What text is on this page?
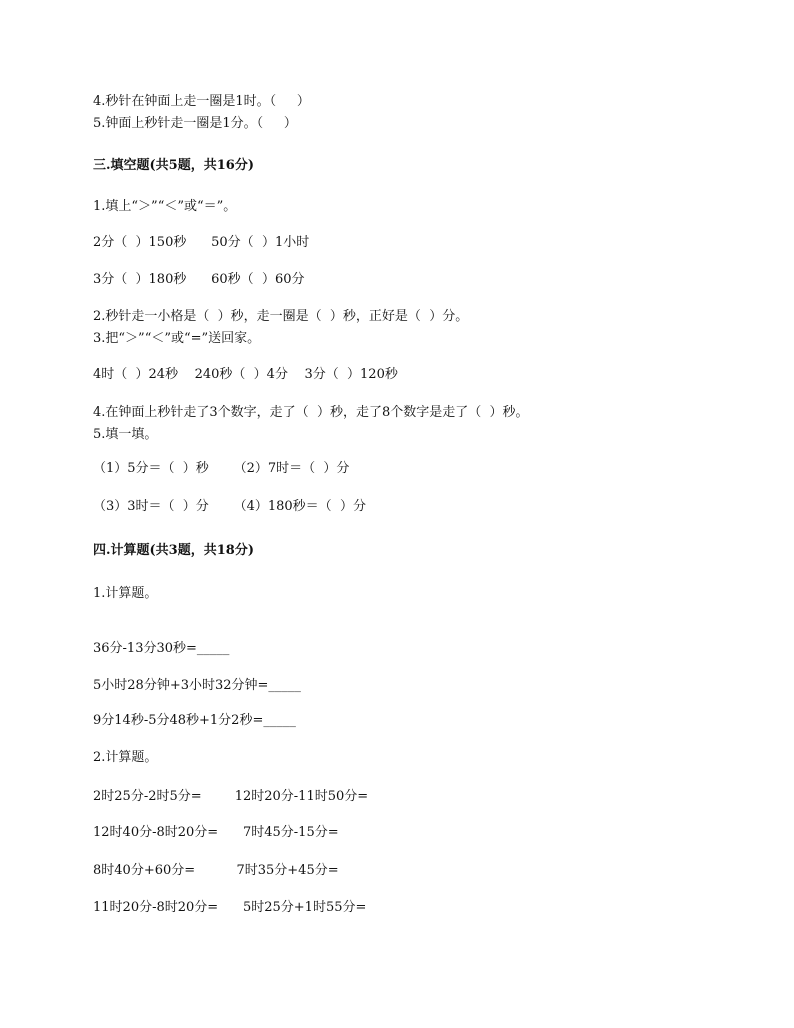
4.秒针在钟面上走一圈是1时。（     ）
5.钟面上秒针走一圈是1分。（     ）
三.填空题(共5题，共16分)
1.填上“＞”“＜”或“＝”。
2分（  ）150秒      50分（  ）1小时
3分（  ）180秒      60秒（  ）60分
2.秒针走一小格是（  ）秒，走一圈是（  ）秒，正好是（  ）分。
3.把“＞”“＜”或“=”送回家。
4时（  ）24秒    240秒（  ）4分    3分（  ）120秒
4.在钟面上秒针走了3个数字，走了（  ）秒，走了8个数字是走了（  ）秒。
5.填一填。
（1）5分＝（  ）秒      （2）7时＝（  ）分
（3）3时＝（  ）分      （4）180秒＝（  ）分
四.计算题(共3题，共18分)
1.计算题。
36分-13分30秒=_____
5小时28分钟+3小时32分钟=_____
9分14秒-5分48秒+1分2秒=_____
2.计算题。
2时25分-2时5分=        12时20分-11时50分=
12时40分-8时20分=      7时45分-15分=
8时40分+60分=          7时35分+45分=
11时20分-8时20分=      5时25分+1时55分=
